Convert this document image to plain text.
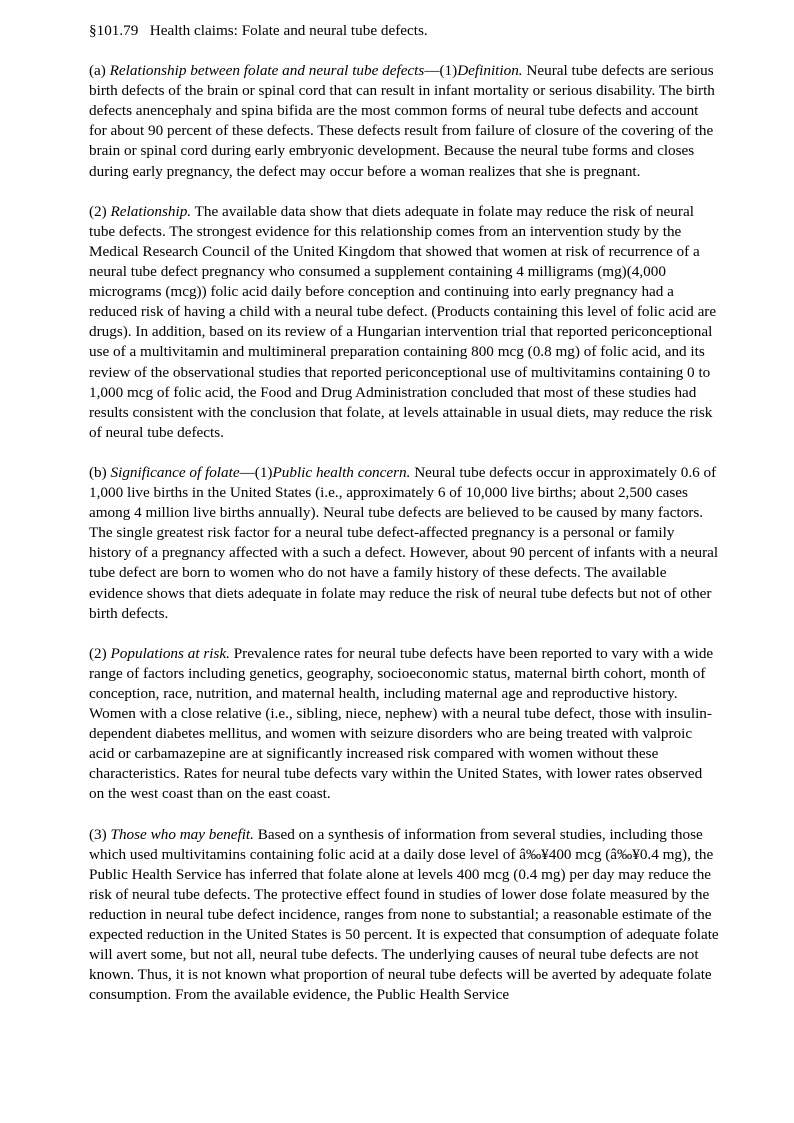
§101.79   Health claims: Folate and neural tube defects.

(a) Relationship between folate and neural tube defects—(1)Definition. Neural tube defects are serious birth defects of the brain or spinal cord that can result in infant mortality or serious disability. The birth defects anencephaly and spina bifida are the most common forms of neural tube defects and account for about 90 percent of these defects. These defects result from failure of closure of the covering of the brain or spinal cord during early embryonic development. Because the neural tube forms and closes during early pregnancy, the defect may occur before a woman realizes that she is pregnant.

(2) Relationship. The available data show that diets adequate in folate may reduce the risk of neural tube defects. The strongest evidence for this relationship comes from an intervention study by the Medical Research Council of the United Kingdom that showed that women at risk of recurrence of a neural tube defect pregnancy who consumed a supplement containing 4 milligrams (mg)(4,000 micrograms (mcg)) folic acid daily before conception and continuing into early pregnancy had a reduced risk of having a child with a neural tube defect. (Products containing this level of folic acid are drugs). In addition, based on its review of a Hungarian intervention trial that reported periconceptional use of a multivitamin and multimineral preparation containing 800 mcg (0.8 mg) of folic acid, and its review of the observational studies that reported periconceptional use of multivitamins containing 0 to 1,000 mcg of folic acid, the Food and Drug Administration concluded that most of these studies had results consistent with the conclusion that folate, at levels attainable in usual diets, may reduce the risk of neural tube defects.

(b) Significance of folate—(1)Public health concern. Neural tube defects occur in approximately 0.6 of 1,000 live births in the United States (i.e., approximately 6 of 10,000 live births; about 2,500 cases among 4 million live births annually). Neural tube defects are believed to be caused by many factors. The single greatest risk factor for a neural tube defect-affected pregnancy is a personal or family history of a pregnancy affected with a such a defect. However, about 90 percent of infants with a neural tube defect are born to women who do not have a family history of these defects. The available evidence shows that diets adequate in folate may reduce the risk of neural tube defects but not of other birth defects.

(2) Populations at risk. Prevalence rates for neural tube defects have been reported to vary with a wide range of factors including genetics, geography, socioeconomic status, maternal birth cohort, month of conception, race, nutrition, and maternal health, including maternal age and reproductive history. Women with a close relative (i.e., sibling, niece, nephew) with a neural tube defect, those with insulin-dependent diabetes mellitus, and women with seizure disorders who are being treated with valproic acid or carbamazepine are at significantly increased risk compared with women without these characteristics. Rates for neural tube defects vary within the United States, with lower rates observed on the west coast than on the east coast.

(3) Those who may benefit. Based on a synthesis of information from several studies, including those which used multivitamins containing folic acid at a daily dose level of â‰¥400 mcg (â‰¥0.4 mg), the Public Health Service has inferred that folate alone at levels 400 mcg (0.4 mg) per day may reduce the risk of neural tube defects. The protective effect found in studies of lower dose folate measured by the reduction in neural tube defect incidence, ranges from none to substantial; a reasonable estimate of the expected reduction in the United States is 50 percent. It is expected that consumption of adequate folate will avert some, but not all, neural tube defects. The underlying causes of neural tube defects are not known. Thus, it is not known what proportion of neural tube defects will be averted by adequate folate consumption. From the available evidence, the Public Health Service
